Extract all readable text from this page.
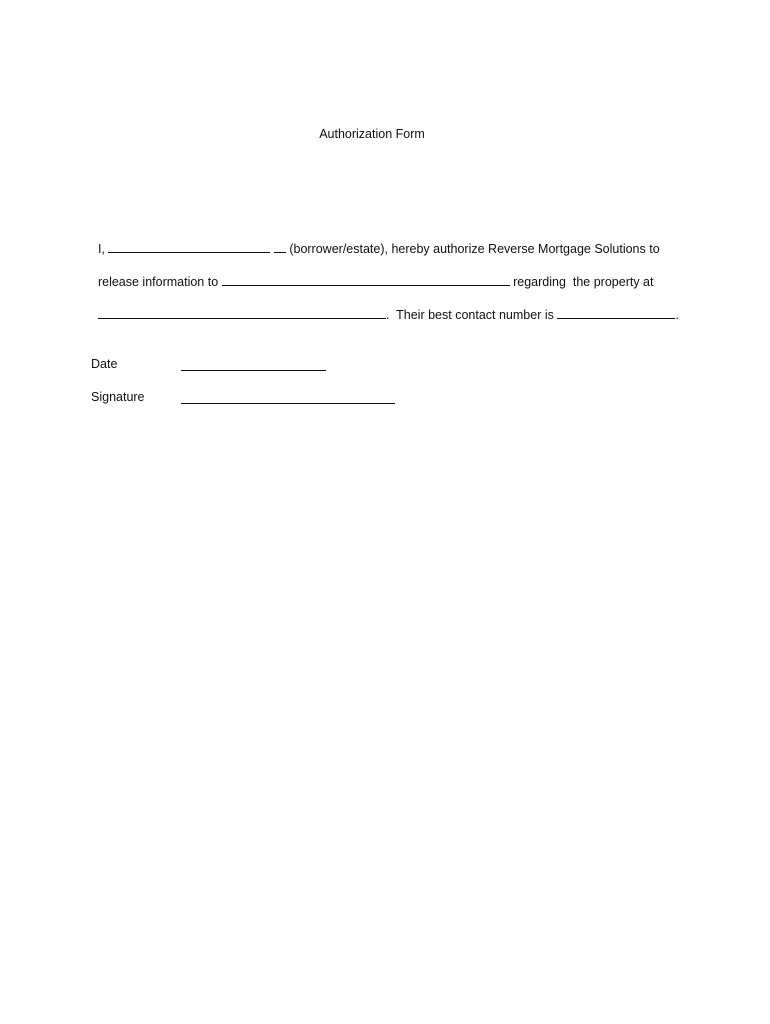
Authorization Form

I,	(borrower/estate), hereby authorize Reverse Mortgage Solutions to

release information to	regarding  the property at

.  Their best contact number is	.

Date
Signature
